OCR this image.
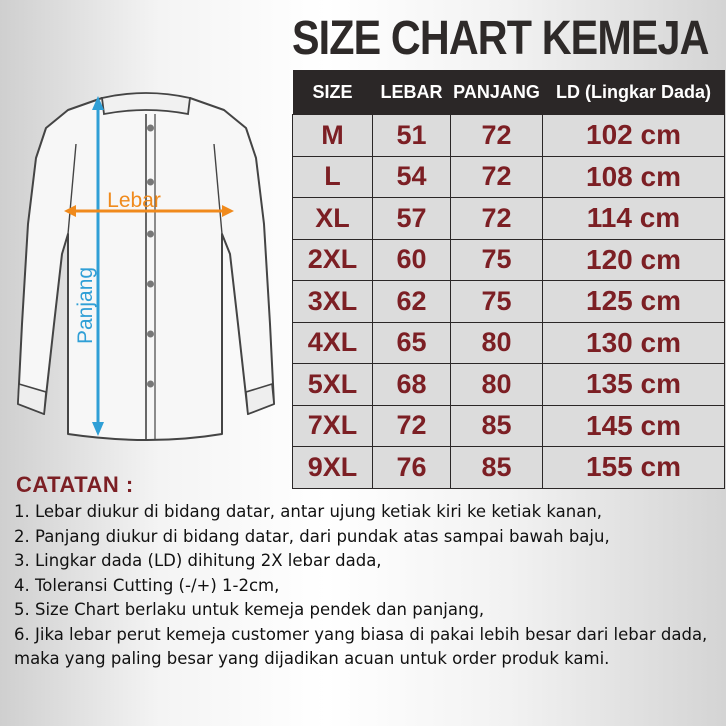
SIZE CHART KEMEJA
Lebar
Panjang
SIZE	LEBAR	PANJANG	LD (Lingkar Dada)
M	51	72	102 cm
L	54	72	108 cm
XL	57	72	114 cm
2XL	60	75	120 cm
3XL	62	75	125 cm
4XL	65	80	130 cm
5XL	68	80	135 cm
7XL	72	85	145 cm
9XL	76	85	155 cm
CATATAN :
1. Lebar diukur di bidang datar, antar ujung ketiak kiri ke ketiak kanan,
2. Panjang diukur di bidang datar, dari pundak atas sampai bawah baju,
3. Lingkar dada (LD) dihitung 2X lebar dada,
4. Toleransi Cutting (-/+) 1-2cm,
5. Size Chart berlaku untuk kemeja pendek dan panjang,
6. Jika lebar perut kemeja customer yang biasa di pakai lebih besar dari lebar dada, maka yang paling besar yang dijadikan acuan untuk order produk kami.
